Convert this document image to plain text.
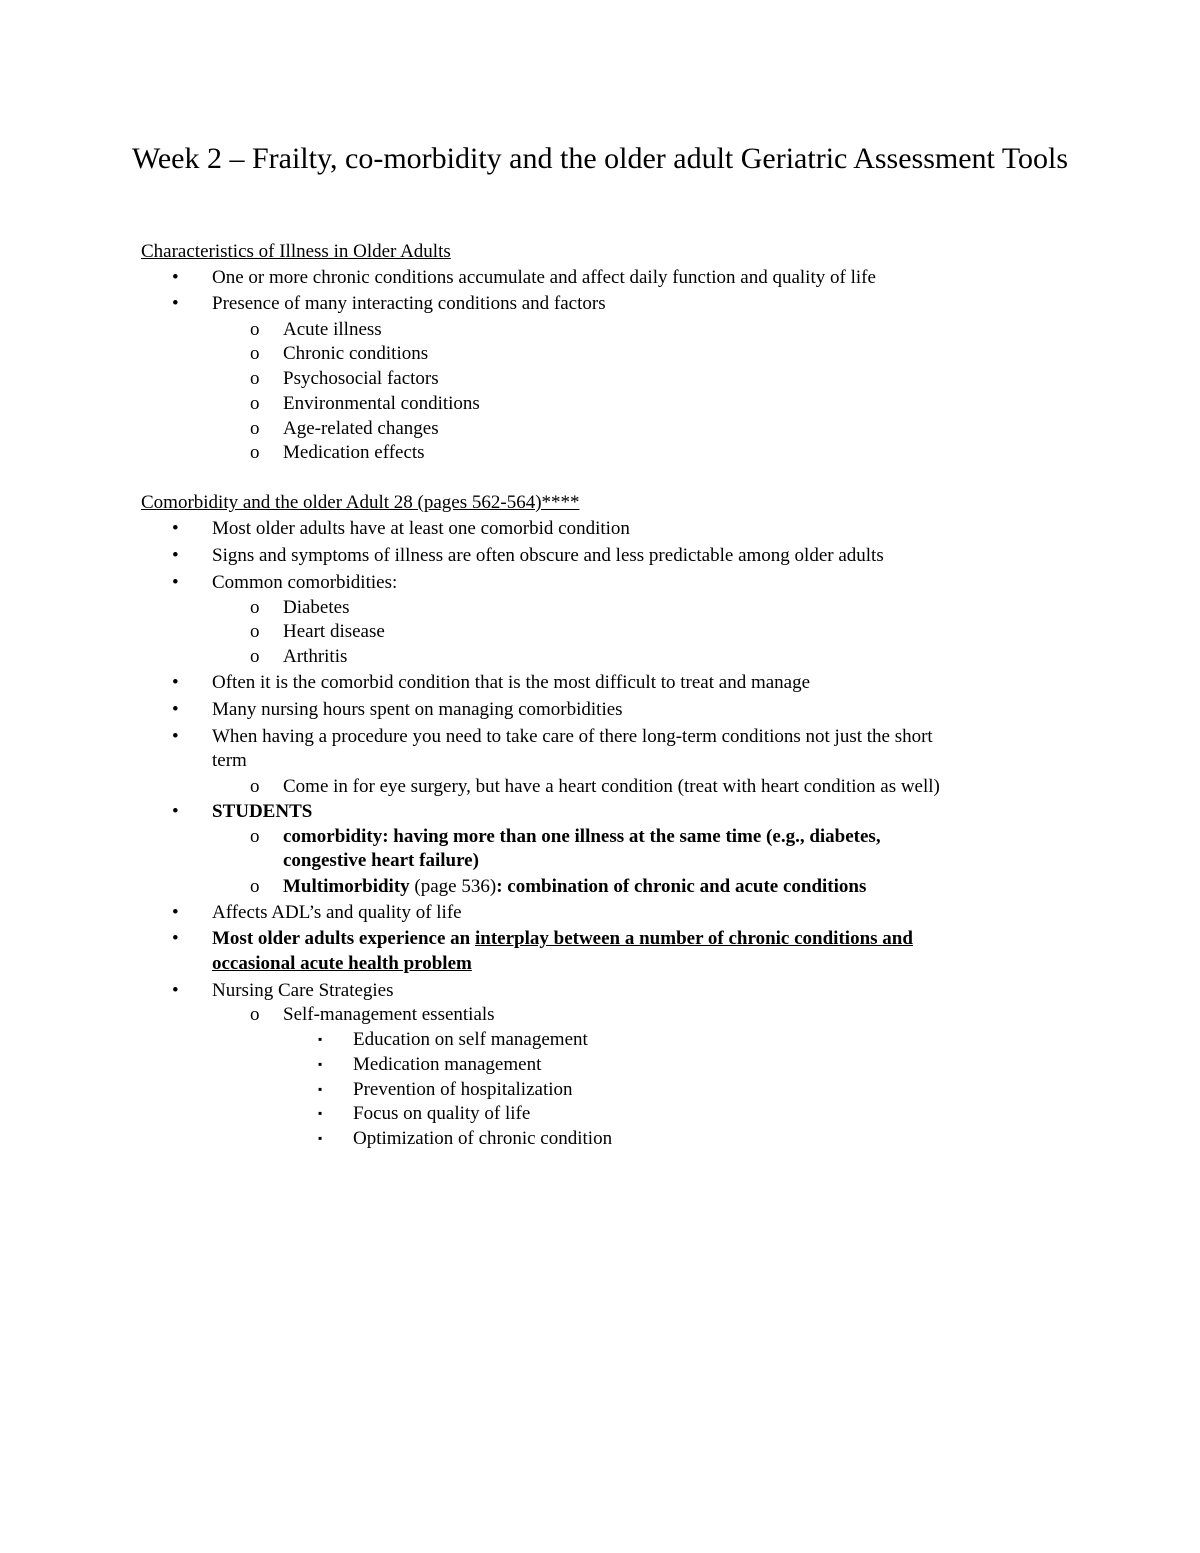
Week 2 – Frailty, co-morbidity and the older adult Geriatric Assessment Tools
Characteristics of Illness in Older Adults
• One or more chronic conditions accumulate and affect daily function and quality of life
• Presence of many interacting conditions and factors
o Acute illness
o Chronic conditions
o Psychosocial factors
o Environmental conditions
o Age-related changes
o Medication effects
Comorbidity and the older Adult 28 (pages 562-564)****
• Most older adults have at least one comorbid condition
• Signs and symptoms of illness are often obscure and less predictable among older adults
• Common comorbidities:
o Diabetes
o Heart disease
o Arthritis
• Often it is the comorbid condition that is the most difficult to treat and manage
• Many nursing hours spent on managing comorbidities
• When having a procedure you need to take care of there long-term conditions not just the short
term
o Come in for eye surgery, but have a heart condition (treat with heart condition as well)
• STUDENTS
o comorbidity: having more than one illness at the same time (e.g., diabetes,
congestive heart failure)
o Multimorbidity (page 536): combination of chronic and acute conditions
• Affects ADL’s and quality of life
• Most older adults experience an interplay between a number of chronic conditions and
occasional acute health problem
• Nursing Care Strategies
o Self-management essentials
▪ Education on self management
▪ Medication management
▪ Prevention of hospitalization
▪ Focus on quality of life
▪ Optimization of chronic condition
